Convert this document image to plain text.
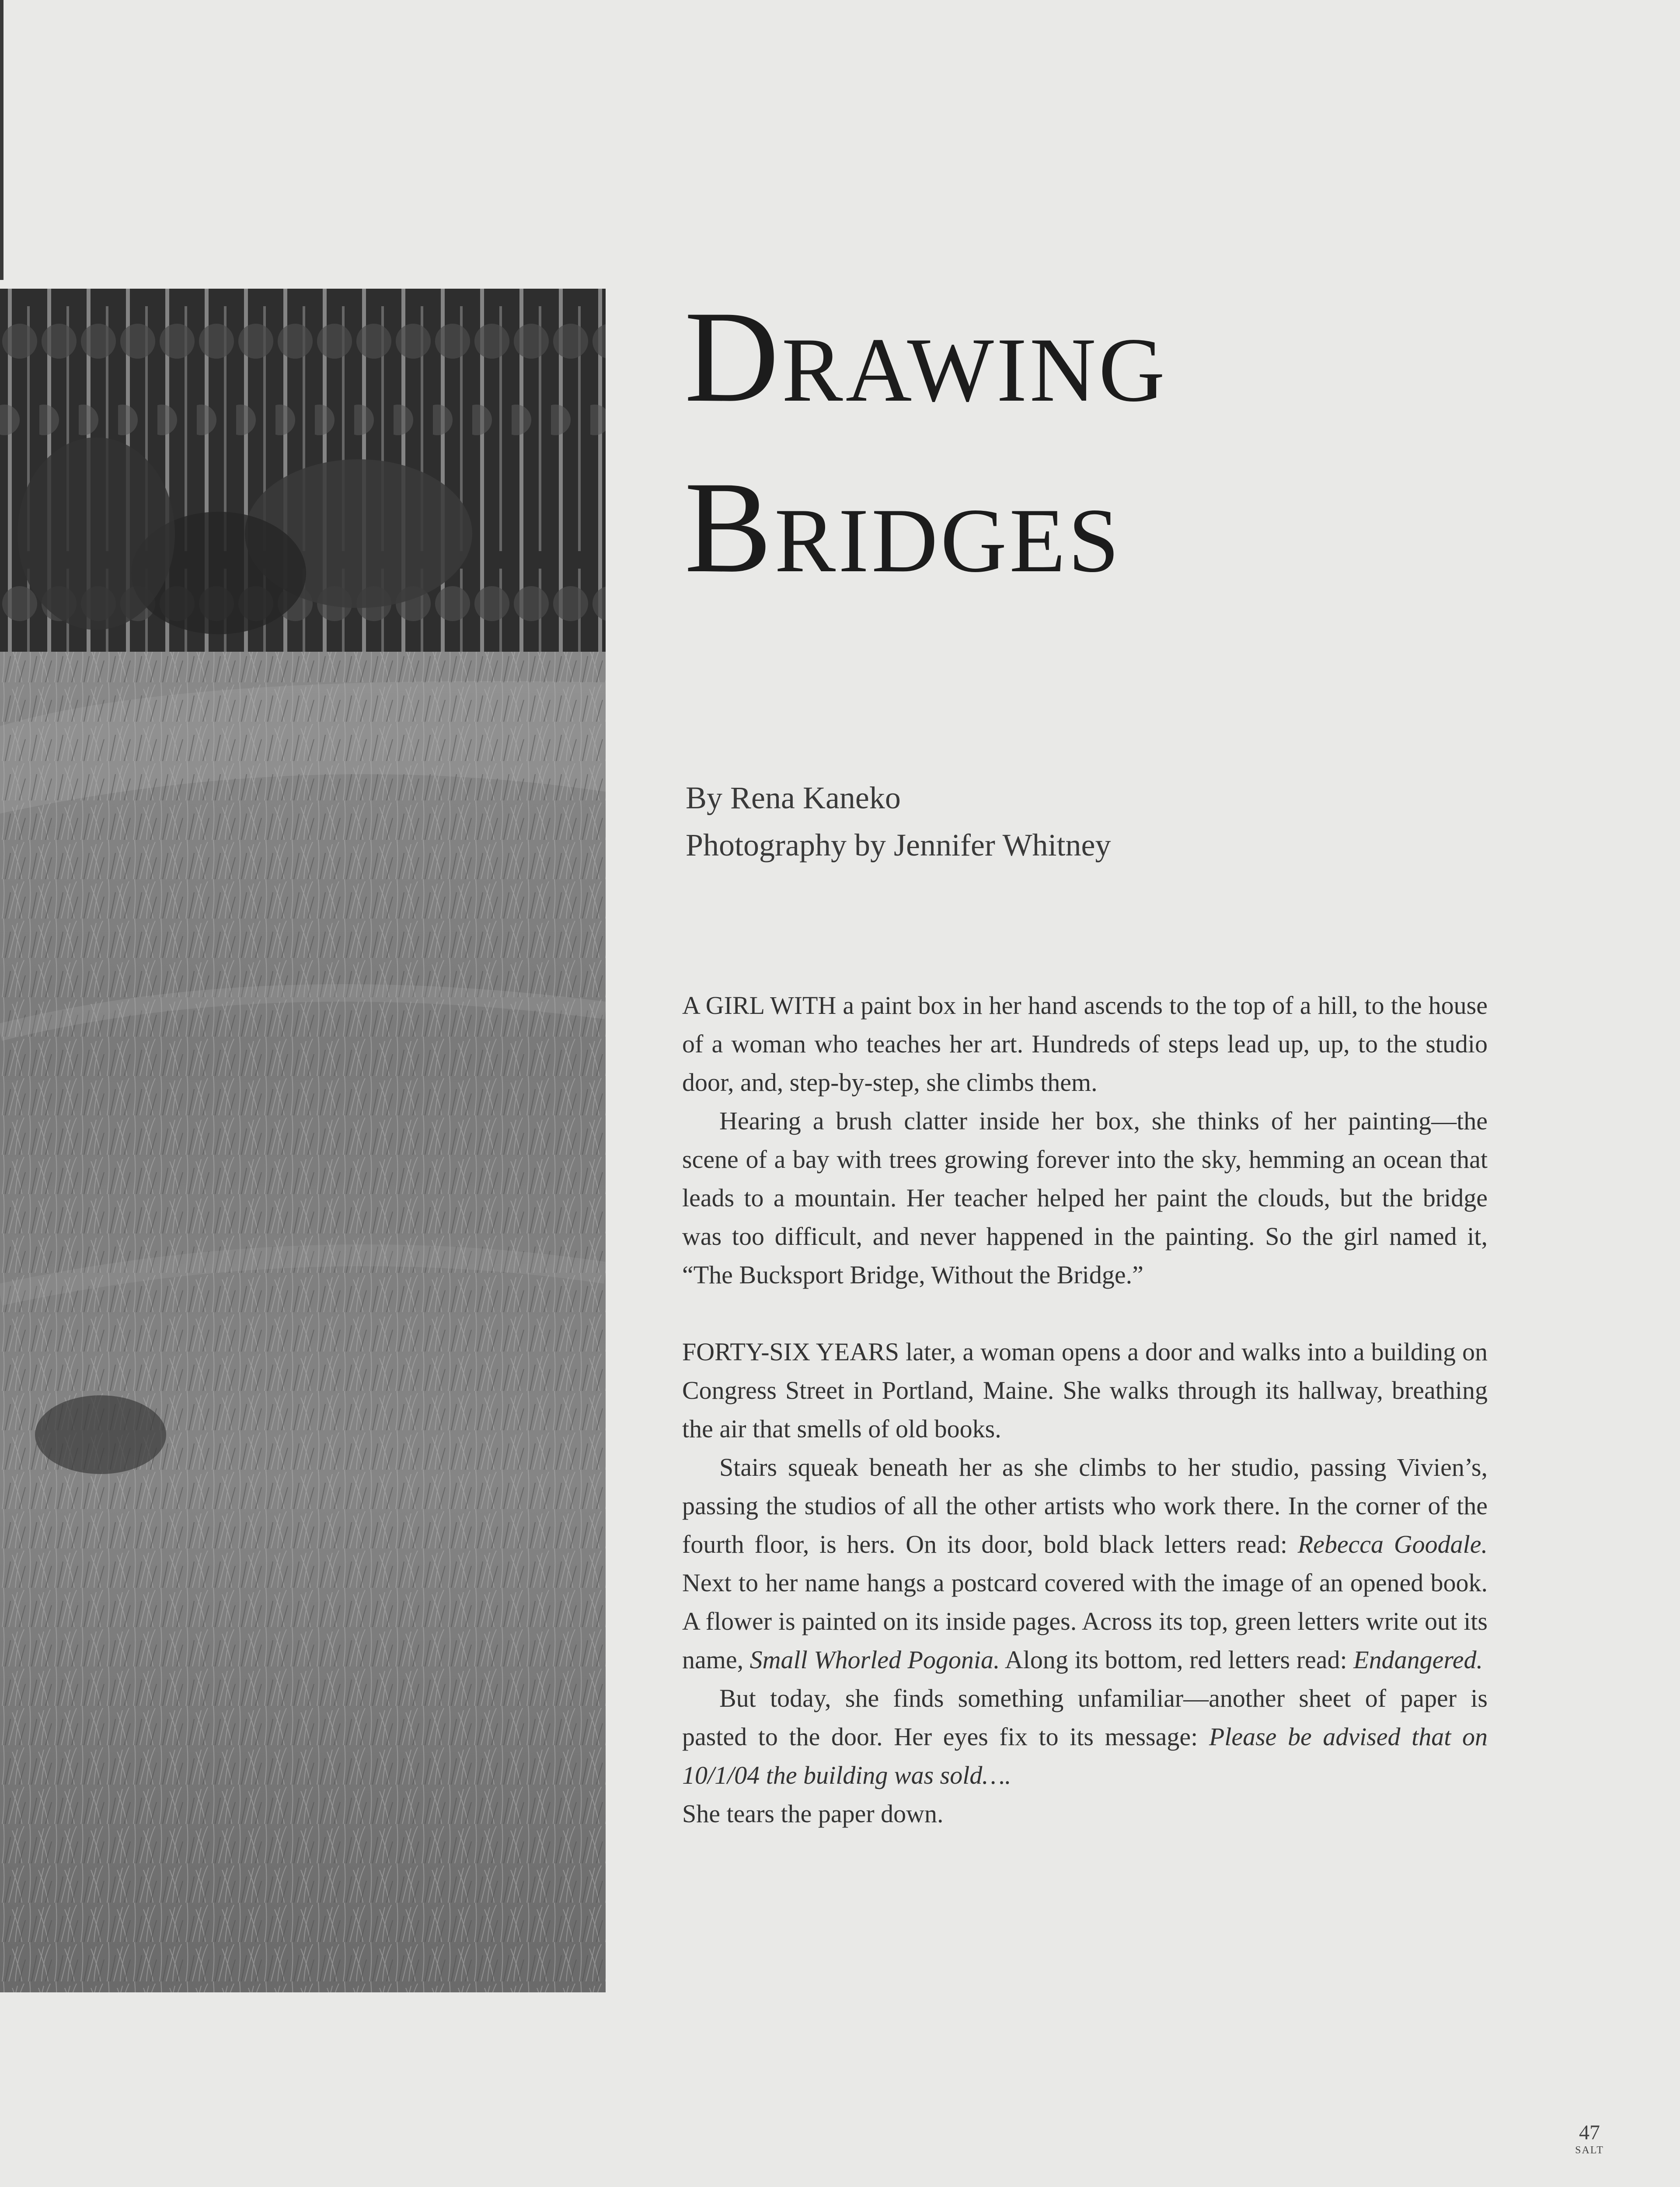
Drawing
Bridges
By Rena Kaneko
Photography by Jennifer Whitney

A GIRL WITH a paint box in her hand ascends to the top of a hill, to the house of a woman who teaches her art. Hundreds of steps lead up, up, to the studio door, and, step-by-step, she climbs them.

Hearing a brush clatter inside her box, she thinks of her painting—the scene of a bay with trees growing forever into the sky, hemming an ocean that leads to a mountain. Her teacher helped her paint the clouds, but the bridge was too difficult, and never happened in the painting. So the girl named it, “The Bucksport Bridge, Without the Bridge.”

FORTY-SIX YEARS later, a woman opens a door and walks into a building on Congress Street in Portland, Maine. She walks through its hallway, breathing the air that smells of old books.

Stairs squeak beneath her as she climbs to her studio, passing Vivien’s, passing the studios of all the other artists who work there. In the corner of the fourth floor, is hers. On its door, bold black letters read: Rebecca Goodale. Next to her name hangs a postcard covered with the image of an opened book. A flower is painted on its inside pages. Across its top, green letters write out its name, Small Whorled Pogonia. Along its bottom, red letters read: Endangered.

But today, she finds something unfamiliar—another sheet of paper is pasted to the door. Her eyes fix to its message: Please be advised that on 10/1/04 the building was sold….

She tears the paper down.

47
SALT
